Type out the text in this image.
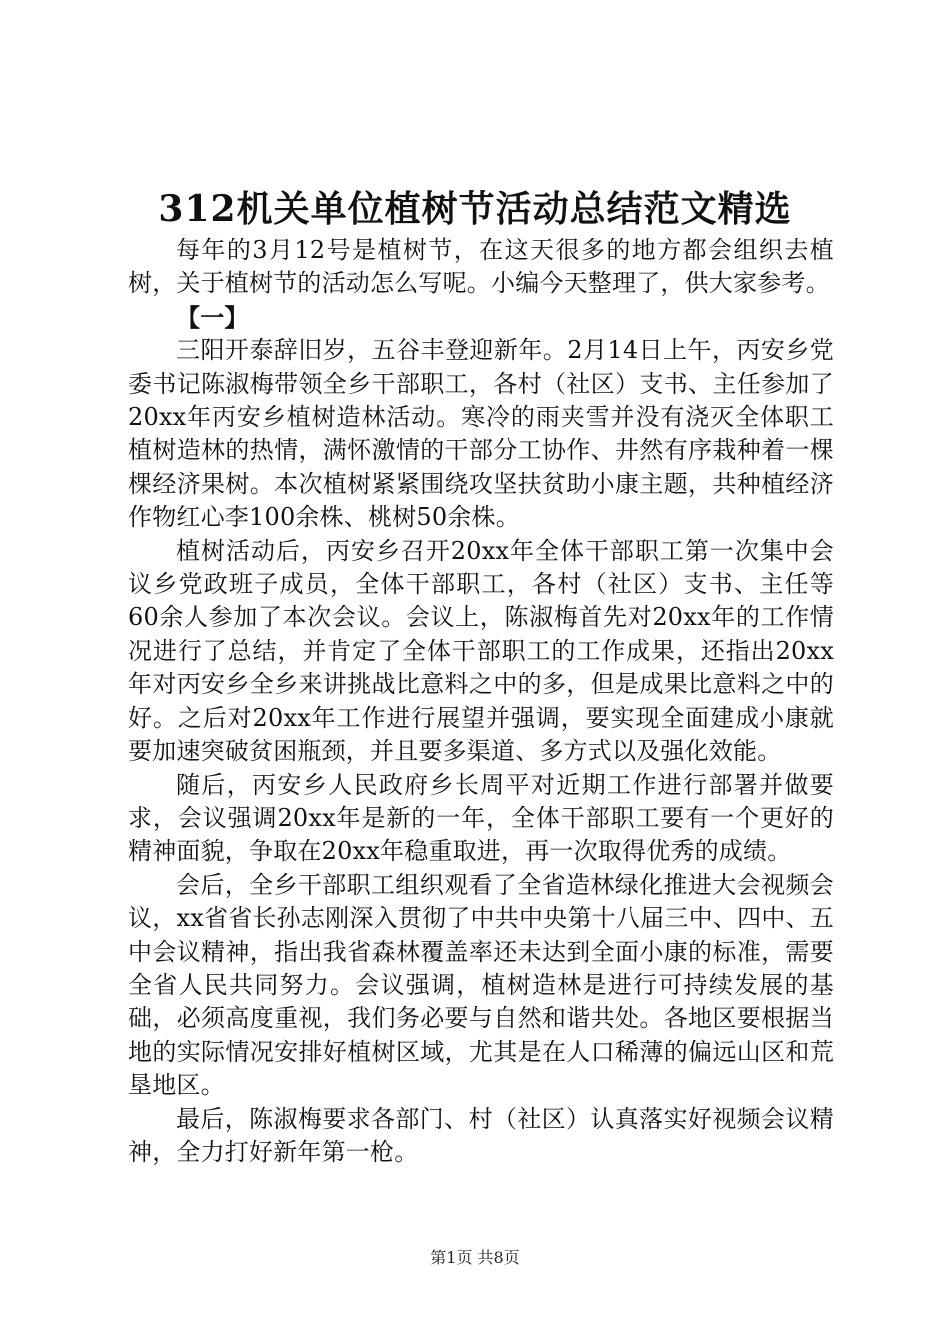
312机关单位植树节活动总结范文精选

每年的3月12号是植树节，在这天很多的地方都会组织去植树，关于植树节的活动怎么写呢。小编今天整理了，供大家参考。

【一】

三阳开泰辞旧岁，五谷丰登迎新年。2月14日上午，丙安乡党委书记陈淑梅带领全乡干部职工，各村（社区）支书、主任参加了20xx年丙安乡植树造林活动。寒冷的雨夹雪并没有浇灭全体职工植树造林的热情，满怀激情的干部分工协作、井然有序栽种着一棵棵经济果树。本次植树紧紧围绕攻坚扶贫助小康主题，共种植经济作物红心李100余株、桃树50余株。

植树活动后，丙安乡召开20xx年全体干部职工第一次集中会议乡党政班子成员，全体干部职工，各村（社区）支书、主任等60余人参加了本次会议。会议上，陈淑梅首先对20xx年的工作情况进行了总结，并肯定了全体干部职工的工作成果，还指出20xx年对丙安乡全乡来讲挑战比意料之中的多，但是成果比意料之中的好。之后对20xx年工作进行展望并强调，要实现全面建成小康就要加速突破贫困瓶颈，并且要多渠道、多方式以及强化效能。

随后，丙安乡人民政府乡长周平对近期工作进行部署并做要求，会议强调20xx年是新的一年，全体干部职工要有一个更好的精神面貌，争取在20xx年稳重取进，再一次取得优秀的成绩。

会后，全乡干部职工组织观看了全省造林绿化推进大会视频会议，xx省省长孙志刚深入贯彻了中共中央第十八届三中、四中、五中会议精神，指出我省森林覆盖率还未达到全面小康的标准，需要全省人民共同努力。会议强调，植树造林是进行可持续发展的基础，必须高度重视，我们务必要与自然和谐共处。各地区要根据当地的实际情况安排好植树区域，尤其是在人口稀薄的偏远山区和荒垦地区。

最后，陈淑梅要求各部门、村（社区）认真落实好视频会议精神，全力打好新年第一枪。

第1页 共8页
